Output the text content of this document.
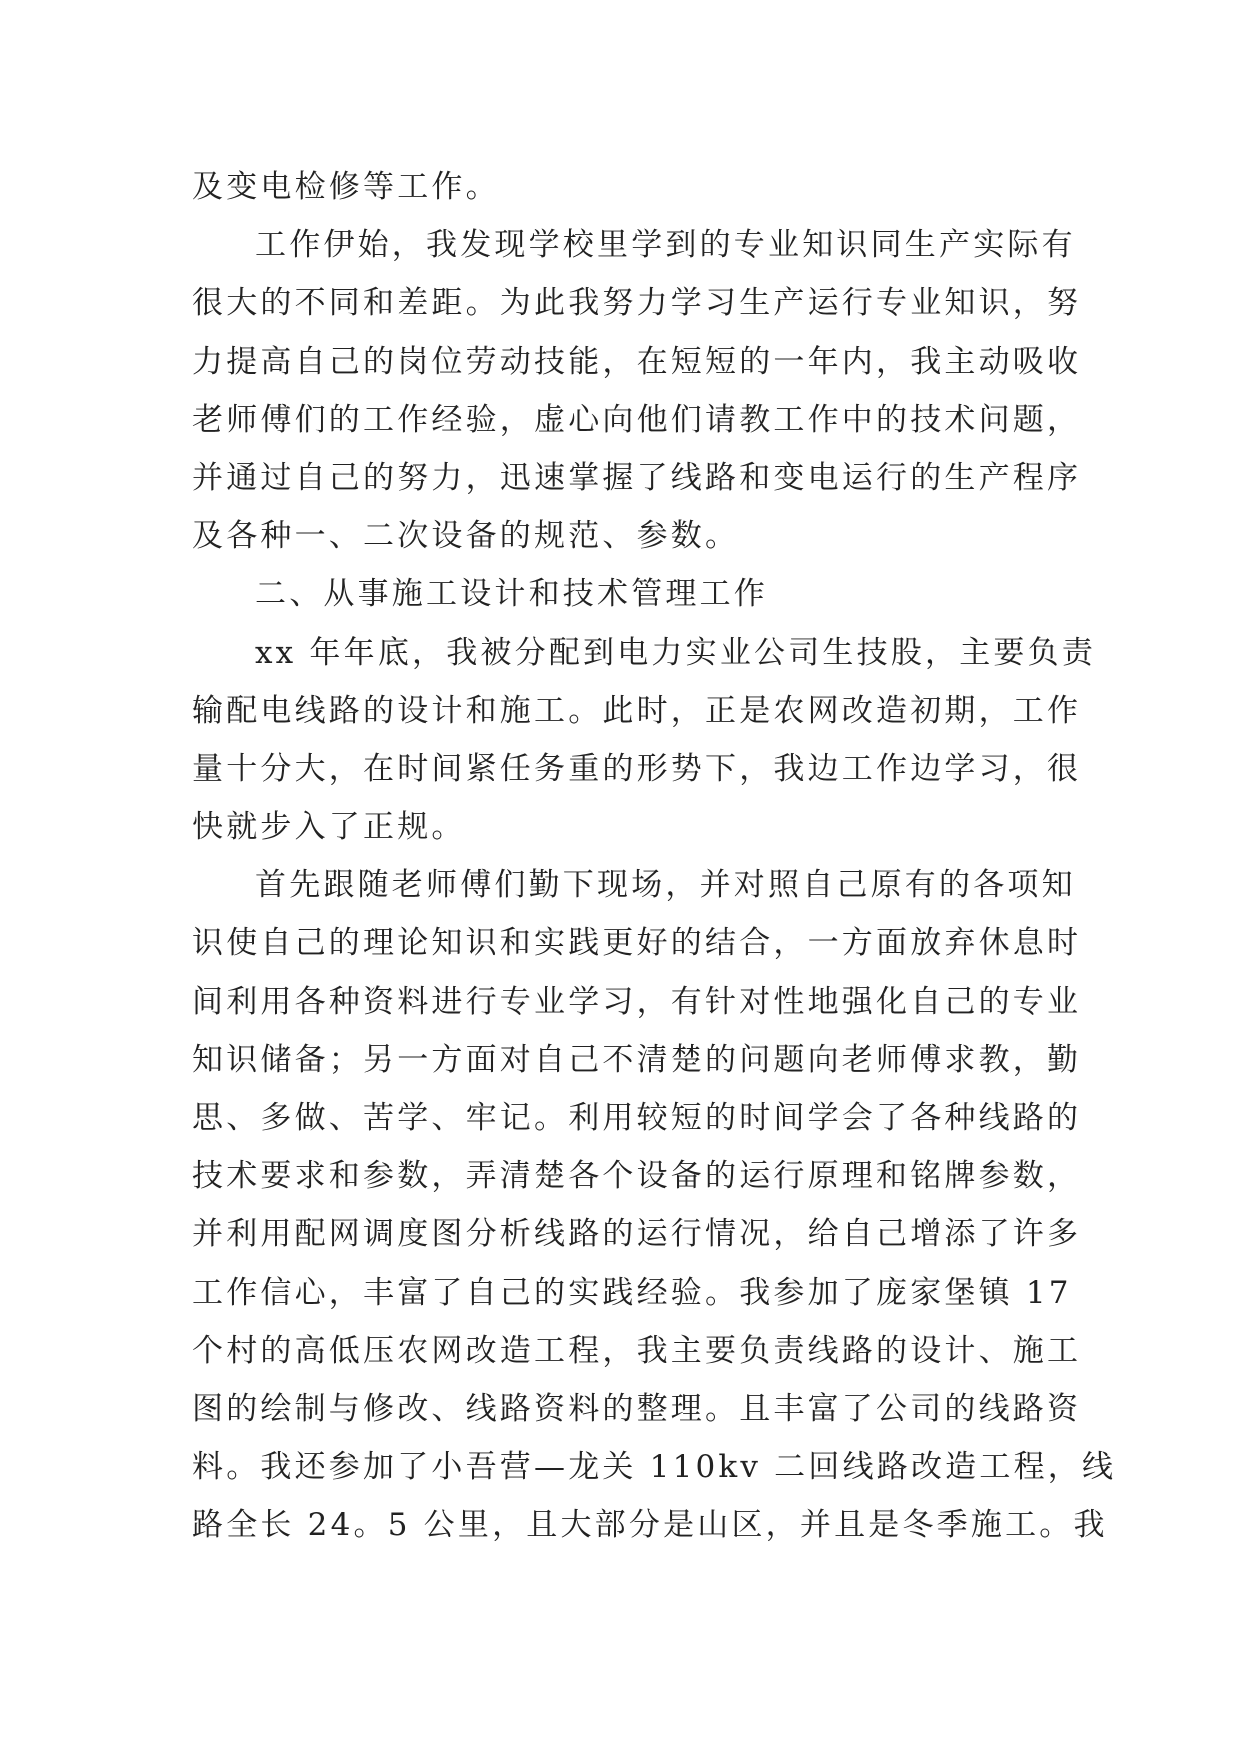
及变电检修等工作。
工作伊始，我发现学校里学到的专业知识同生产实际有
很大的不同和差距。为此我努力学习生产运行专业知识，努
力提高自己的岗位劳动技能，在短短的一年内，我主动吸收
老师傅们的工作经验，虚心向他们请教工作中的技术问题，
并通过自己的努力，迅速掌握了线路和变电运行的生产程序
及各种一、二次设备的规范、参数。
二、从事施工设计和技术管理工作
xx 年年底，我被分配到电力实业公司生技股，主要负责
输配电线路的设计和施工。此时，正是农网改造初期，工作
量十分大，在时间紧任务重的形势下，我边工作边学习，很
快就步入了正规。
首先跟随老师傅们勤下现场，并对照自己原有的各项知
识使自己的理论知识和实践更好的结合，一方面放弃休息时
间利用各种资料进行专业学习，有针对性地强化自己的专业
知识储备；另一方面对自己不清楚的问题向老师傅求教，勤
思、多做、苦学、牢记。利用较短的时间学会了各种线路的
技术要求和参数，弄清楚各个设备的运行原理和铭牌参数，
并利用配网调度图分析线路的运行情况，给自己增添了许多
工作信心，丰富了自己的实践经验。我参加了庞家堡镇 17
个村的高低压农网改造工程，我主要负责线路的设计、施工
图的绘制与修改、线路资料的整理。且丰富了公司的线路资
料。我还参加了小吾营—龙关 110kv 二回线路改造工程，线
路全长 24。5 公里，且大部分是山区，并且是冬季施工。我
